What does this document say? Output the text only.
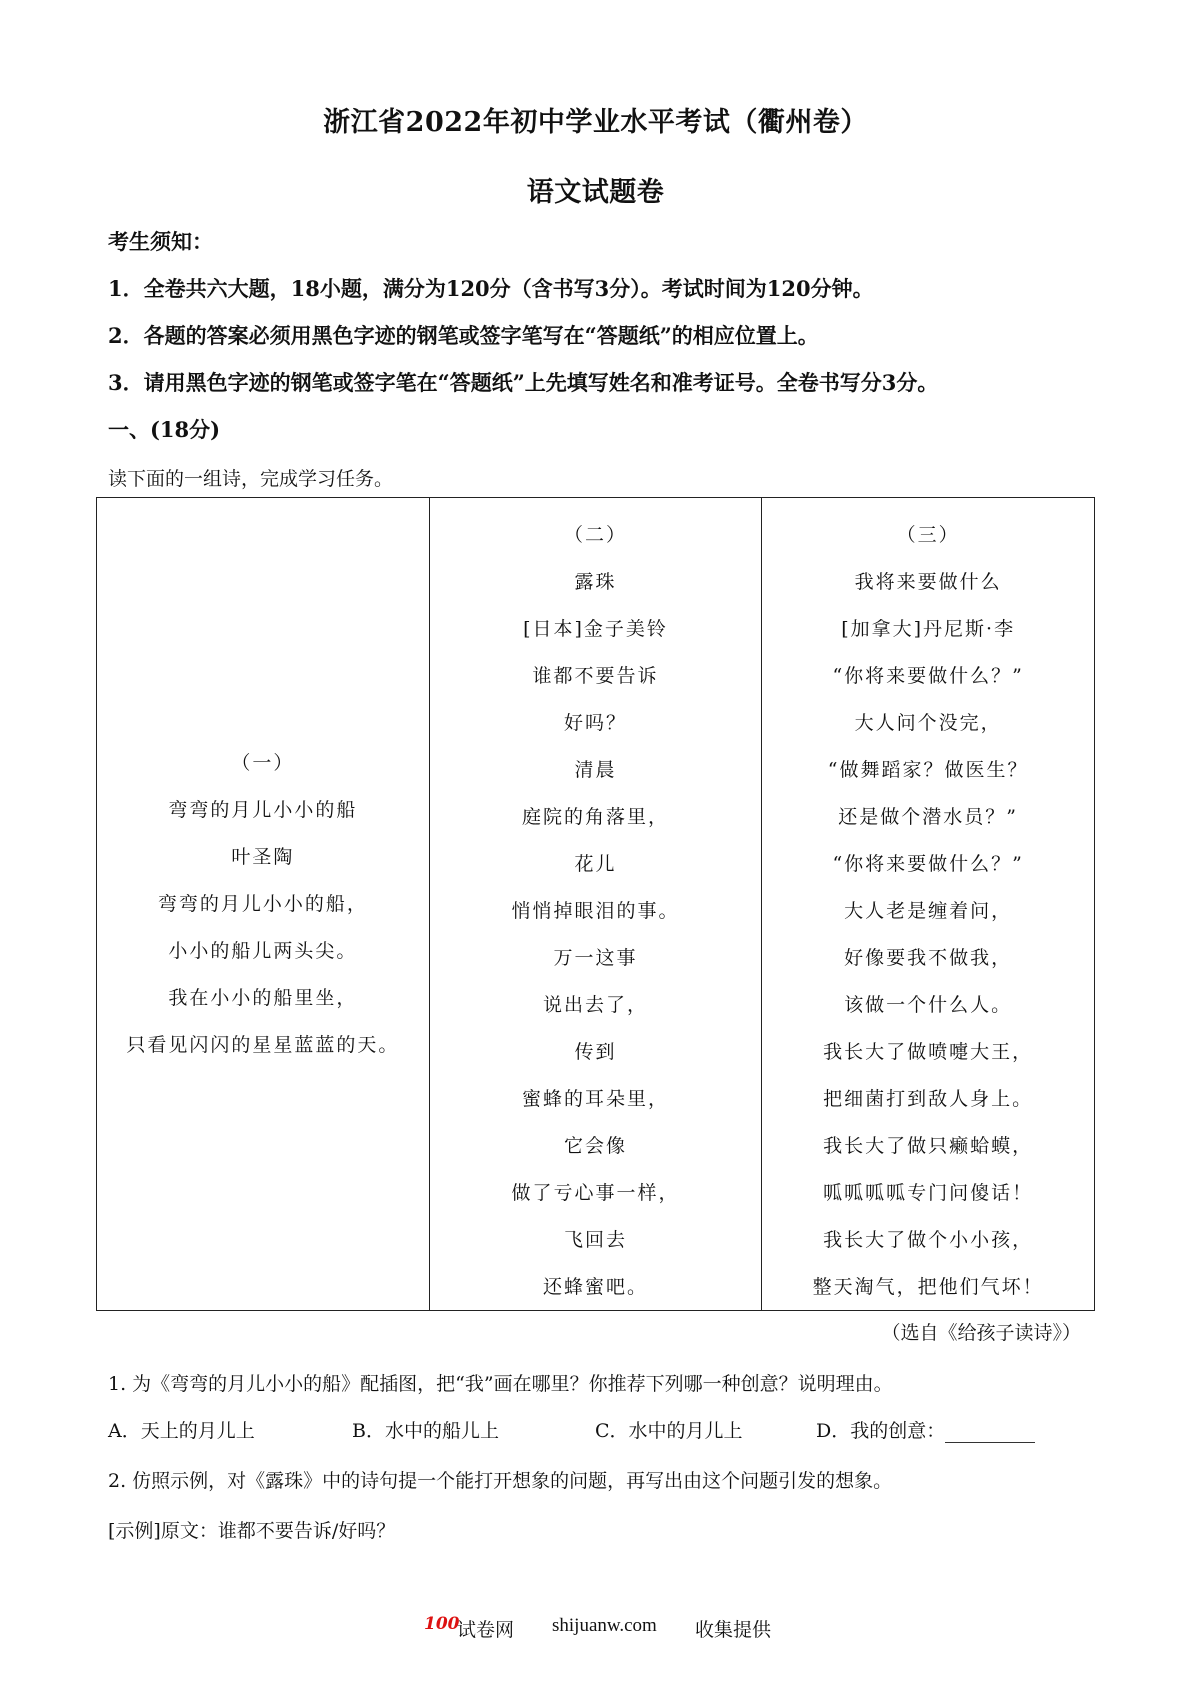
浙江省2022年初中学业水平考试（衢州卷）
语文试题卷
考生须知：
1．全卷共六大题，18小题，满分为120分（含书写3分）。考试时间为120分钟。
2．各题的答案必须用黑色字迹的钢笔或签字笔写在“答题纸”的相应位置上。
3．请用黑色字迹的钢笔或签字笔在“答题纸”上先填写姓名和准考证号。全卷书写分3分。
一、(18分)
读下面的一组诗，完成学习任务。
（一）
弯弯的月儿小小的船
叶圣陶
弯弯的月儿小小的船，
小小的船儿两头尖。
我在小小的船里坐，
只看见闪闪的星星蓝蓝的天。

（二）
露珠
[日本]金子美铃
谁都不要告诉
好吗？
清晨
庭院的角落里，
花儿
悄悄掉眼泪的事。
万一这事
说出去了，
传到
蜜蜂的耳朵里，
它会像
做了亏心事一样，
飞回去
还蜂蜜吧。

（三）
我将来要做什么
[加拿大]丹尼斯·李
“你将来要做什么？”
大人问个没完，
“做舞蹈家？做医生？
还是做个潜水员？”
“你将来要做什么？”
大人老是缠着问，
好像要我不做我，
该做一个什么人。
我长大了做喷嚏大王，
把细菌打到敌人身上。
我长大了做只癞蛤蟆，
呱呱呱呱专门问傻话！
我长大了做个小小孩，
整天淘气，把他们气坏！
（选自《给孩子读诗》）
1. 为《弯弯的月儿小小的船》配插图，把“我”画在哪里？你推荐下列哪一种创意？说明理由。
A．天上的月儿上	B．水中的船儿上	C．水中的月儿上	D．我的创意：
2. 仿照示例，对《露珠》中的诗句提一个能打开想象的问题，再写出由这个问题引发的想象。
[示例]原文：谁都不要告诉/好吗？
100
试卷网 shijuanw.com 收集提供
